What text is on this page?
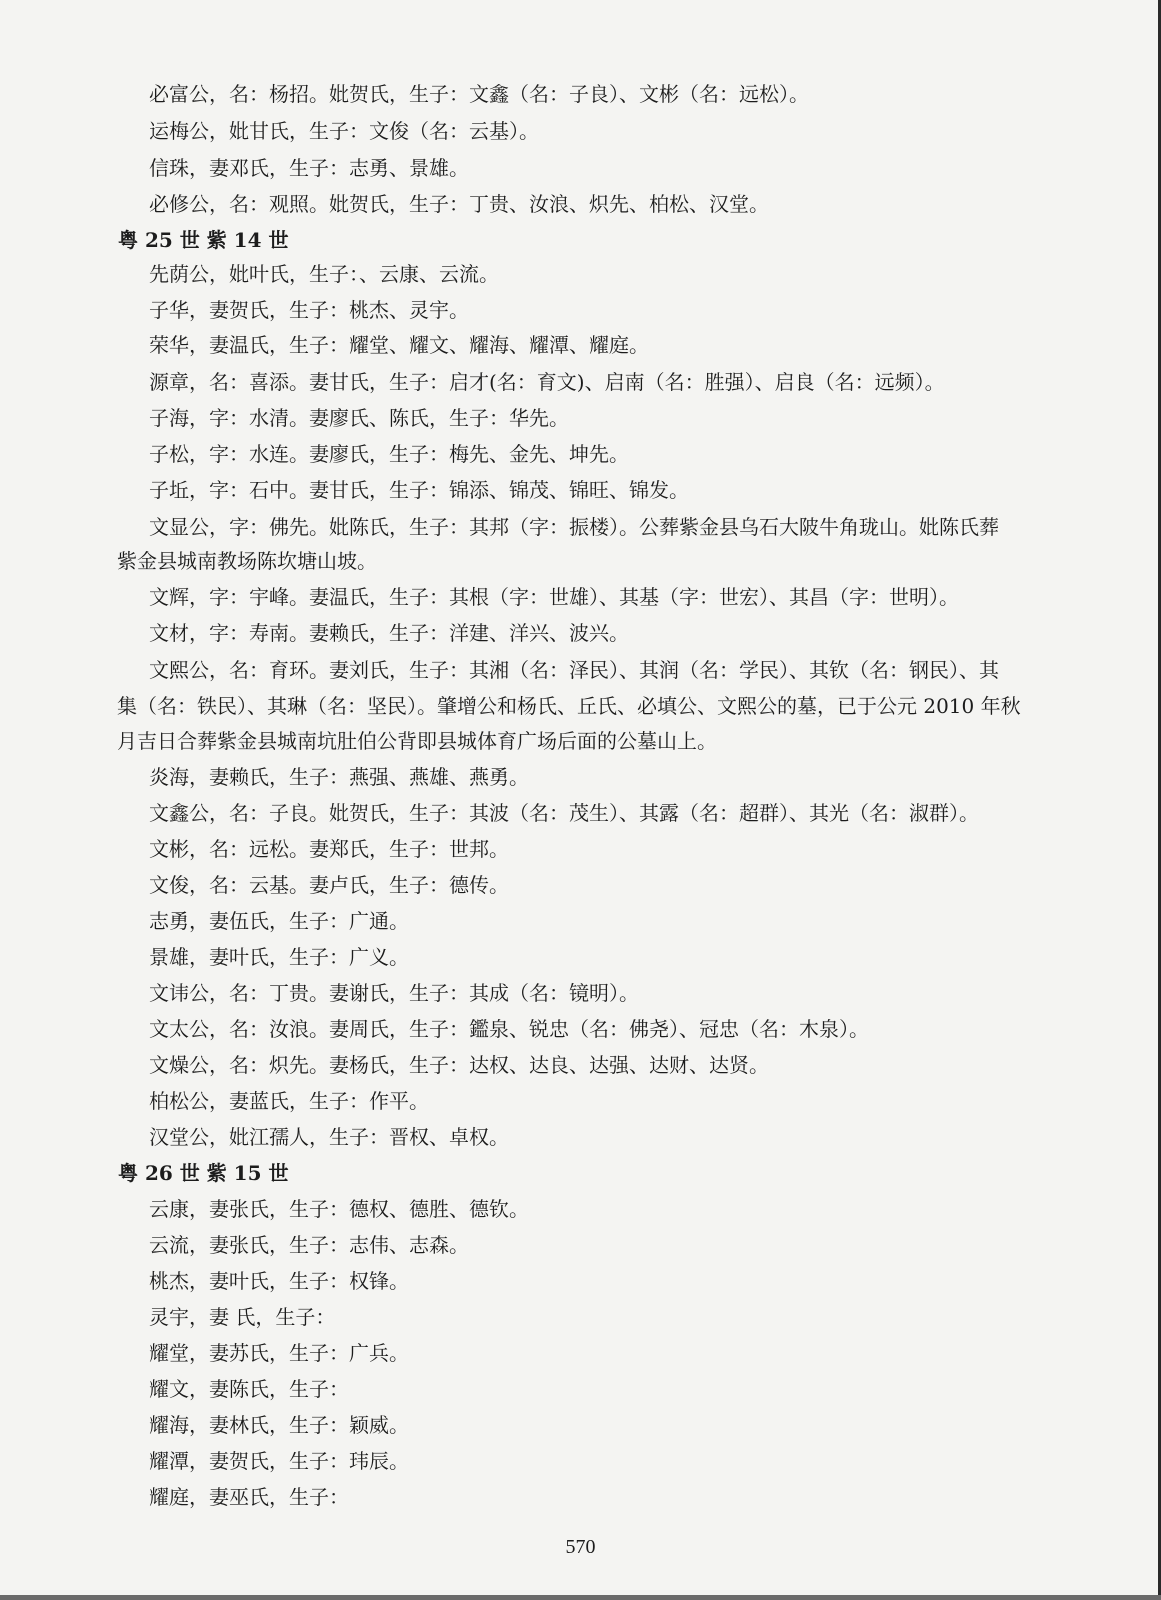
必富公，名：杨招。妣贺氏，生子：文鑫（名：子良）、文彬（名：远松）。
运梅公，妣甘氏，生子：文俊（名：云基）。
信珠，妻邓氏，生子：志勇、景雄。
必修公，名：观照。妣贺氏，生子：丁贵、汝浪、炽先、柏松、汉堂。
粤 25 世 紫 14 世
先荫公，妣叶氏，生子：、云康、云流。
子华，妻贺氏，生子：桃杰、灵宇。
荣华，妻温氏，生子：耀堂、耀文、耀海、耀潭、耀庭。
源章，名：喜添。妻甘氏，生子：启才(名：育文)、启南（名：胜强）、启良（名：远频）。
子海，字：水清。妻廖氏、陈氏，生子：华先。
子松，字：水连。妻廖氏，生子：梅先、金先、坤先。
子坵，字：石中。妻甘氏，生子：锦添、锦茂、锦旺、锦发。
文显公，字：佛先。妣陈氏，生子：其邦（字：振楼）。公葬紫金县乌石大陂牛角珑山。妣陈氏葬
紫金县城南教场陈坎塘山坡。
文辉，字：宇峰。妻温氏，生子：其根（字：世雄）、其基（字：世宏）、其昌（字：世明）。
文材，字：寿南。妻赖氏，生子：洋建、洋兴、波兴。
文熙公，名：育环。妻刘氏，生子：其湘（名：泽民）、其润（名：学民）、其钦（名：钢民）、其
集（名：铁民）、其琳（名：坚民）。肇增公和杨氏、丘氏、必填公、文熙公的墓，已于公元 2010 年秋
月吉日合葬紫金县城南坑肚伯公背即县城体育广场后面的公墓山上。
炎海，妻赖氏，生子：燕强、燕雄、燕勇。
文鑫公，名：子良。妣贺氏，生子：其波（名：茂生）、其露（名：超群）、其光（名：淑群）。
文彬，名：远松。妻郑氏，生子：世邦。
文俊，名：云基。妻卢氏，生子：德传。
志勇，妻伍氏，生子：广通。
景雄，妻叶氏，生子：广义。
文讳公，名：丁贵。妻谢氏，生子：其成（名：镜明）。
文太公，名：汝浪。妻周氏，生子：鑑泉、锐忠（名：佛尧）、冠忠（名：木泉）。
文燥公，名：炽先。妻杨氏，生子：达权、达良、达强、达财、达贤。
柏松公，妻蓝氏，生子：作平。
汉堂公，妣江孺人，生子：晋权、卓权。
粤 26 世 紫 15 世
云康，妻张氏，生子：德权、德胜、德钦。
云流，妻张氏，生子：志伟、志森。
桃杰，妻叶氏，生子：权锋。
灵宇，妻 氏，生子：
耀堂，妻苏氏，生子：广兵。
耀文，妻陈氏，生子：
耀海，妻林氏，生子：颖威。
耀潭，妻贺氏，生子：玮辰。
耀庭，妻巫氏，生子：
570
